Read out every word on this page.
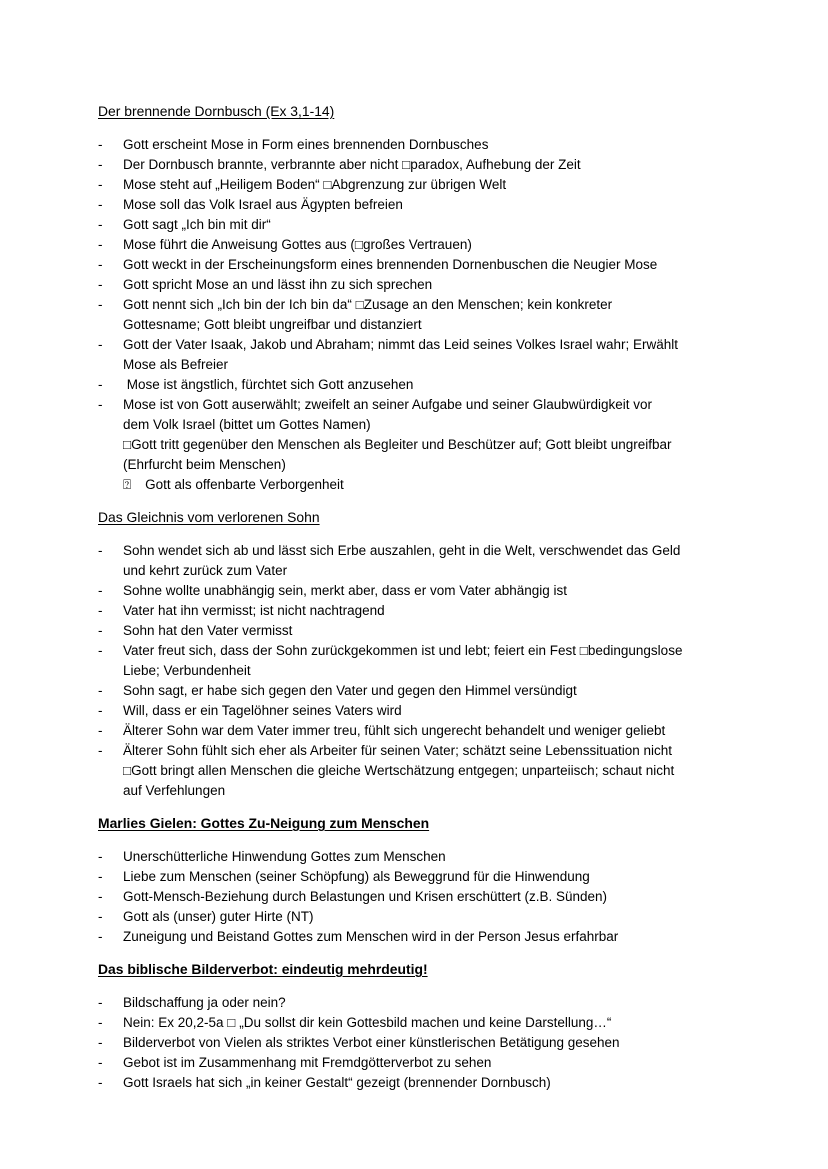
Der brennende Dornbusch (Ex 3,1-14)
-	Gott erscheint Mose in Form eines brennenden Dornbusches
-	Der Dornbusch brannte, verbrannte aber nicht □paradox, Aufhebung der Zeit
-	Mose steht auf „Heiligem Boden“ □Abgrenzung zur übrigen Welt
-	Mose soll das Volk Israel aus Ägypten befreien
-	Gott sagt „Ich bin mit dir“
-	Mose führt die Anweisung Gottes aus (□großes Vertrauen)
-	Gott weckt in der Erscheinungsform eines brennenden Dornenbuschen die Neugier Mose
-	Gott spricht Mose an und lässt ihn zu sich sprechen
-	Gott nennt sich „Ich bin der Ich bin da“ □Zusage an den Menschen; kein konkreter
Gottesname; Gott bleibt ungreifbar und distanziert
-	Gott der Vater Isaak, Jakob und Abraham; nimmt das Leid seines Volkes Israel wahr; Erwählt
Mose als Befreier
-	Mose ist ängstlich, fürchtet sich Gott anzusehen
-	Mose ist von Gott auserwählt; zweifelt an seiner Aufgabe und seiner Glaubwürdigkeit vor
dem Volk Israel (bittet um Gottes Namen)
□Gott tritt gegenüber den Menschen als Begleiter und Beschützer auf; Gott bleibt ungreifbar
(Ehrfurcht beim Menschen)
⍰ Gott als offenbarte Verborgenheit
Das Gleichnis vom verlorenen Sohn
-	Sohn wendet sich ab und lässt sich Erbe auszahlen, geht in die Welt, verschwendet das Geld
und kehrt zurück zum Vater
-	Sohne wollte unabhängig sein, merkt aber, dass er vom Vater abhängig ist
-	Vater hat ihn vermisst; ist nicht nachtragend
-	Sohn hat den Vater vermisst
-	Vater freut sich, dass der Sohn zurückgekommen ist und lebt; feiert ein Fest □bedingungslose
Liebe; Verbundenheit
-	Sohn sagt, er habe sich gegen den Vater und gegen den Himmel versündigt
-	Will, dass er ein Tagelöhner seines Vaters wird
-	Älterer Sohn war dem Vater immer treu, fühlt sich ungerecht behandelt und weniger geliebt
-	Älterer Sohn fühlt sich eher als Arbeiter für seinen Vater; schätzt seine Lebenssituation nicht
□Gott bringt allen Menschen die gleiche Wertschätzung entgegen; unparteiisch; schaut nicht
auf Verfehlungen
Marlies Gielen: Gottes Zu-Neigung zum Menschen
-	Unerschütterliche Hinwendung Gottes zum Menschen
-	Liebe zum Menschen (seiner Schöpfung) als Beweggrund für die Hinwendung
-	Gott-Mensch-Beziehung durch Belastungen und Krisen erschüttert (z.B. Sünden)
-	Gott als (unser) guter Hirte (NT)
-	Zuneigung und Beistand Gottes zum Menschen wird in der Person Jesus erfahrbar
Das biblische Bilderverbot: eindeutig mehrdeutig!
-	Bildschaffung ja oder nein?
-	Nein: Ex 20,2-5a □ „Du sollst dir kein Gottesbild machen und keine Darstellung…“
-	Bilderverbot von Vielen als striktes Verbot einer künstlerischen Betätigung gesehen
-	Gebot ist im Zusammenhang mit Fremdgötterverbot zu sehen
-	Gott Israels hat sich „in keiner Gestalt“ gezeigt (brennender Dornbusch)
